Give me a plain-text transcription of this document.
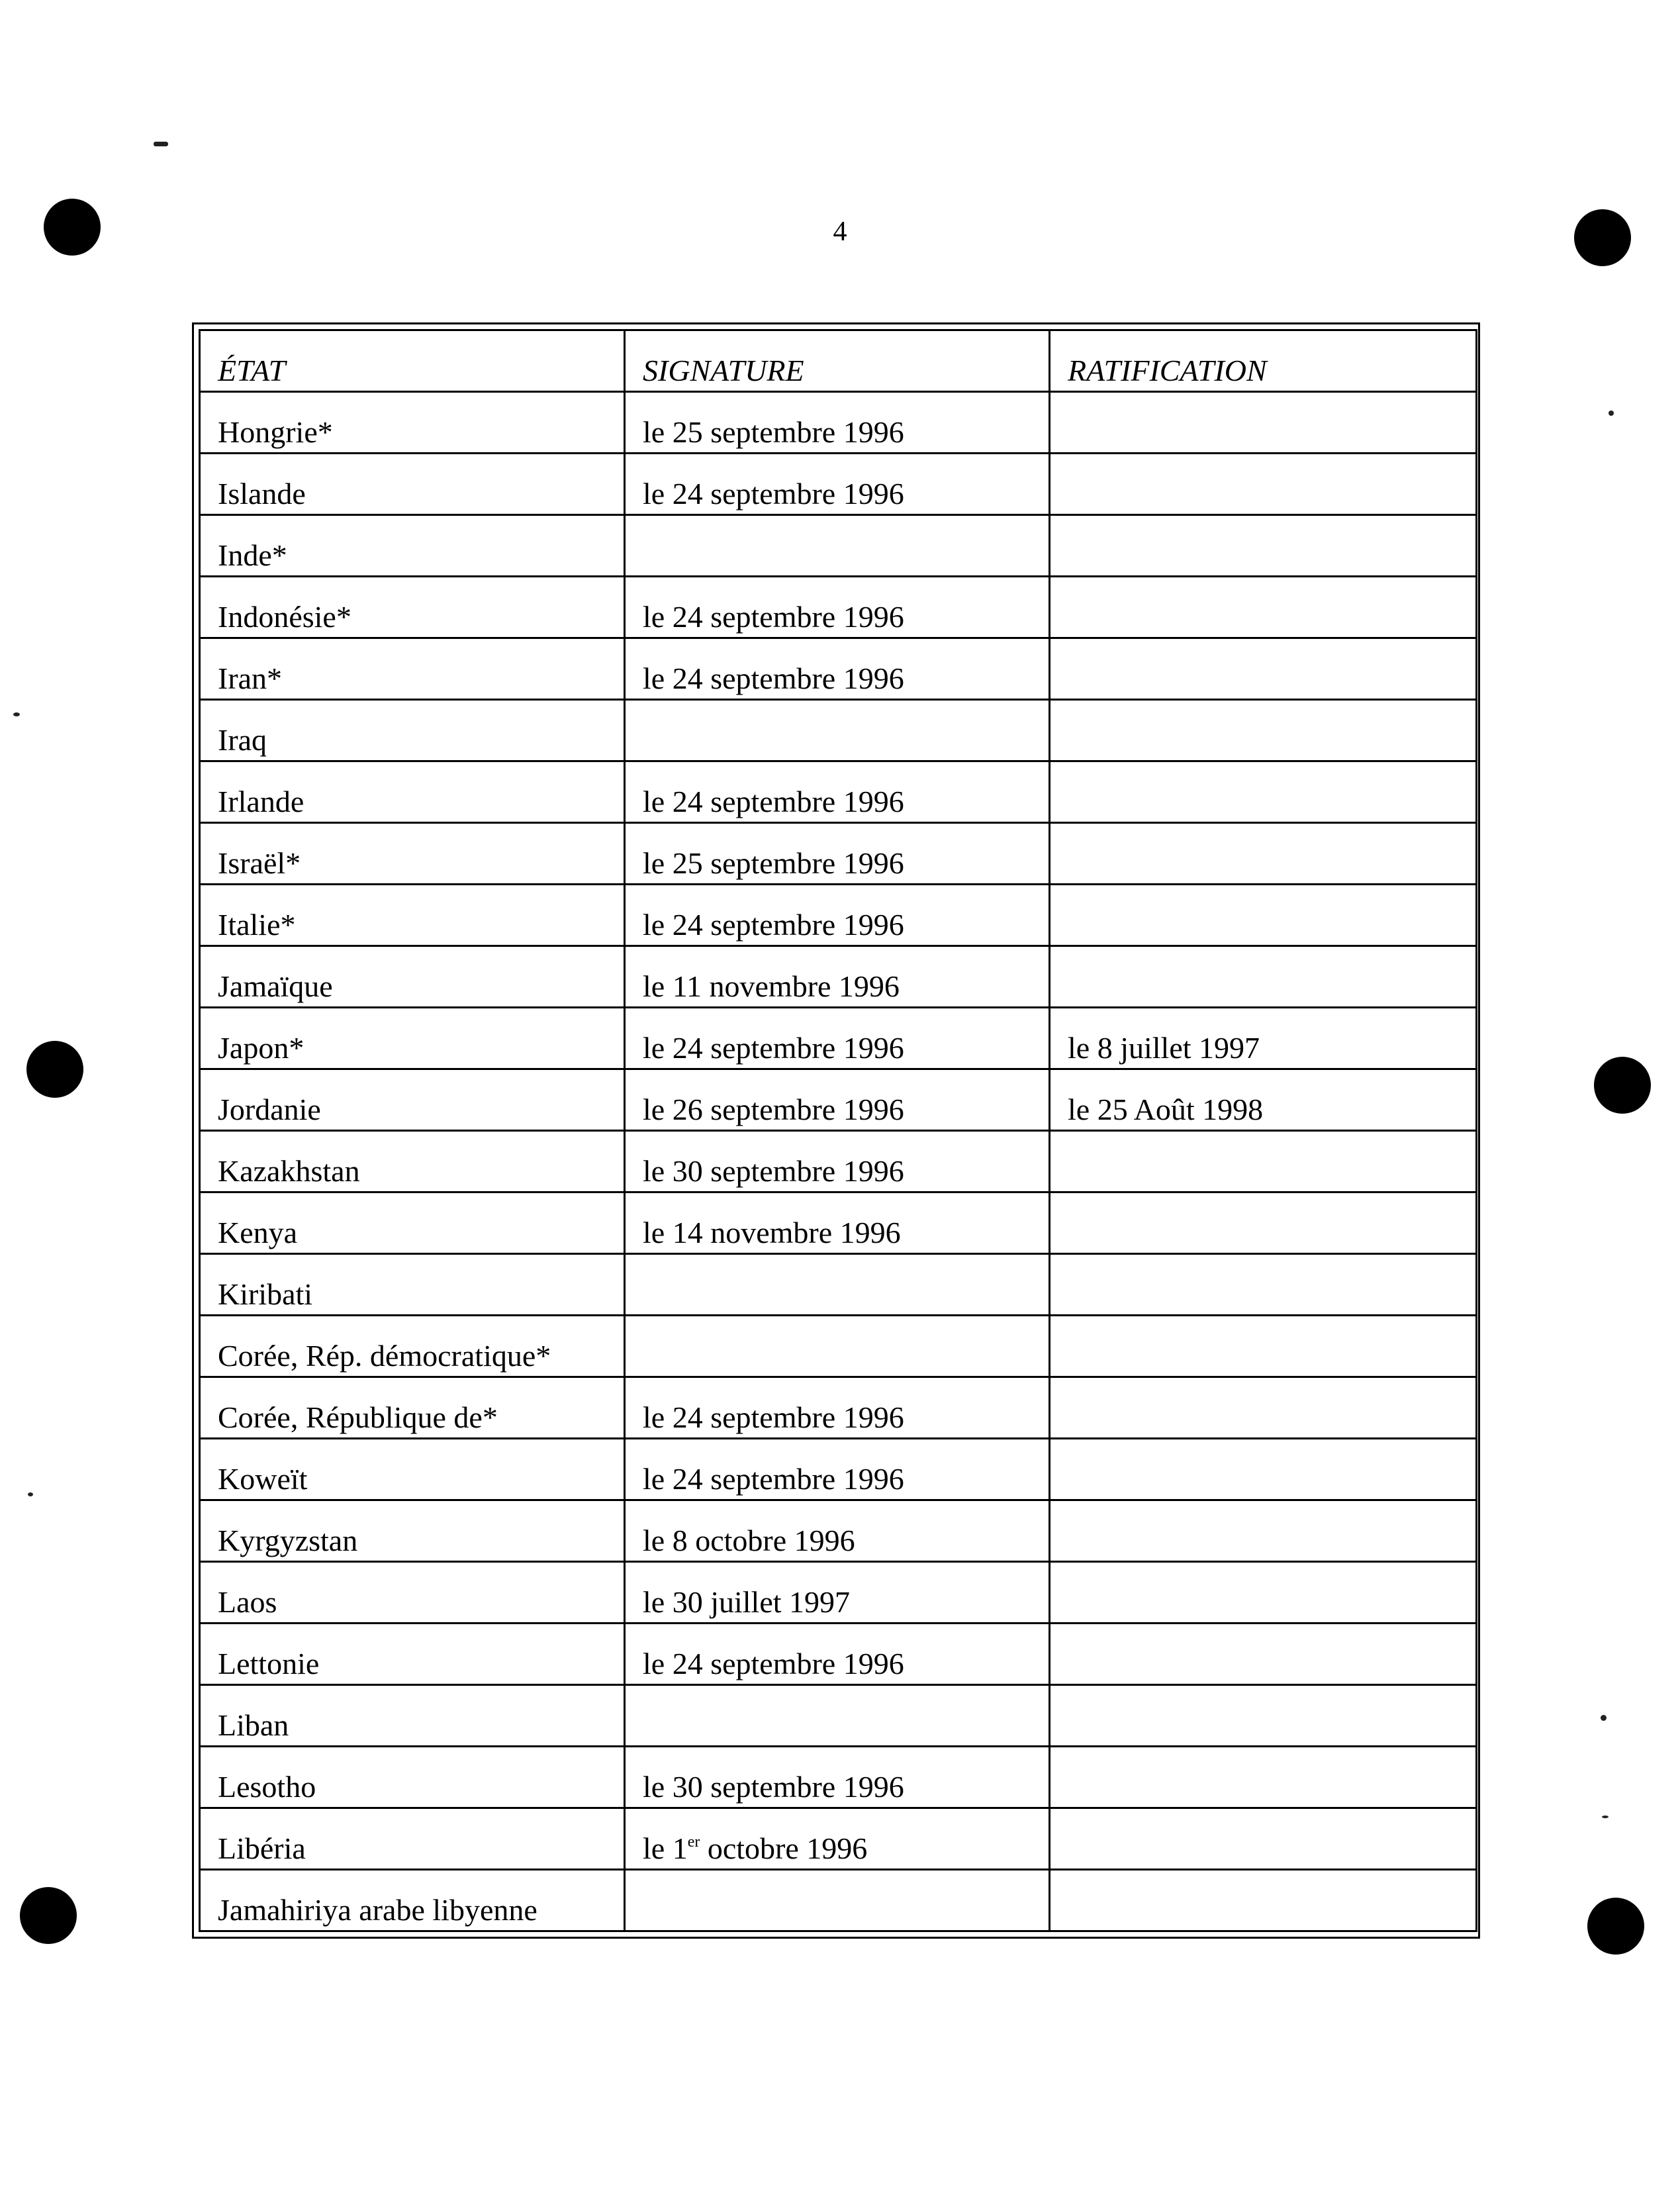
4
ÉTAT	SIGNATURE	RATIFICATION
Hongrie*	le 25 septembre 1996	
Islande	le 24 septembre 1996	
Inde*		
Indonésie*	le 24 septembre 1996	
Iran*	le 24 septembre 1996	
Iraq		
Irlande	le 24 septembre 1996	
Israël*	le 25 septembre 1996	
Italie*	le 24 septembre 1996	
Jamaïque	le 11 novembre 1996	
Japon*	le 24 septembre 1996	le 8 juillet 1997
Jordanie	le 26 septembre 1996	le 25 Août 1998
Kazakhstan	le 30 septembre 1996	
Kenya	le 14 novembre 1996	
Kiribati		
Corée, Rép. démocratique*		
Corée, République de*	le 24 septembre 1996	
Koweït	le 24 septembre 1996	
Kyrgyzstan	le 8 octobre 1996	
Laos	le 30 juillet 1997	
Lettonie	le 24 septembre 1996	
Liban		
Lesotho	le 30 septembre 1996	
Libéria	le 1er octobre 1996	
Jamahiriya arabe libyenne		
